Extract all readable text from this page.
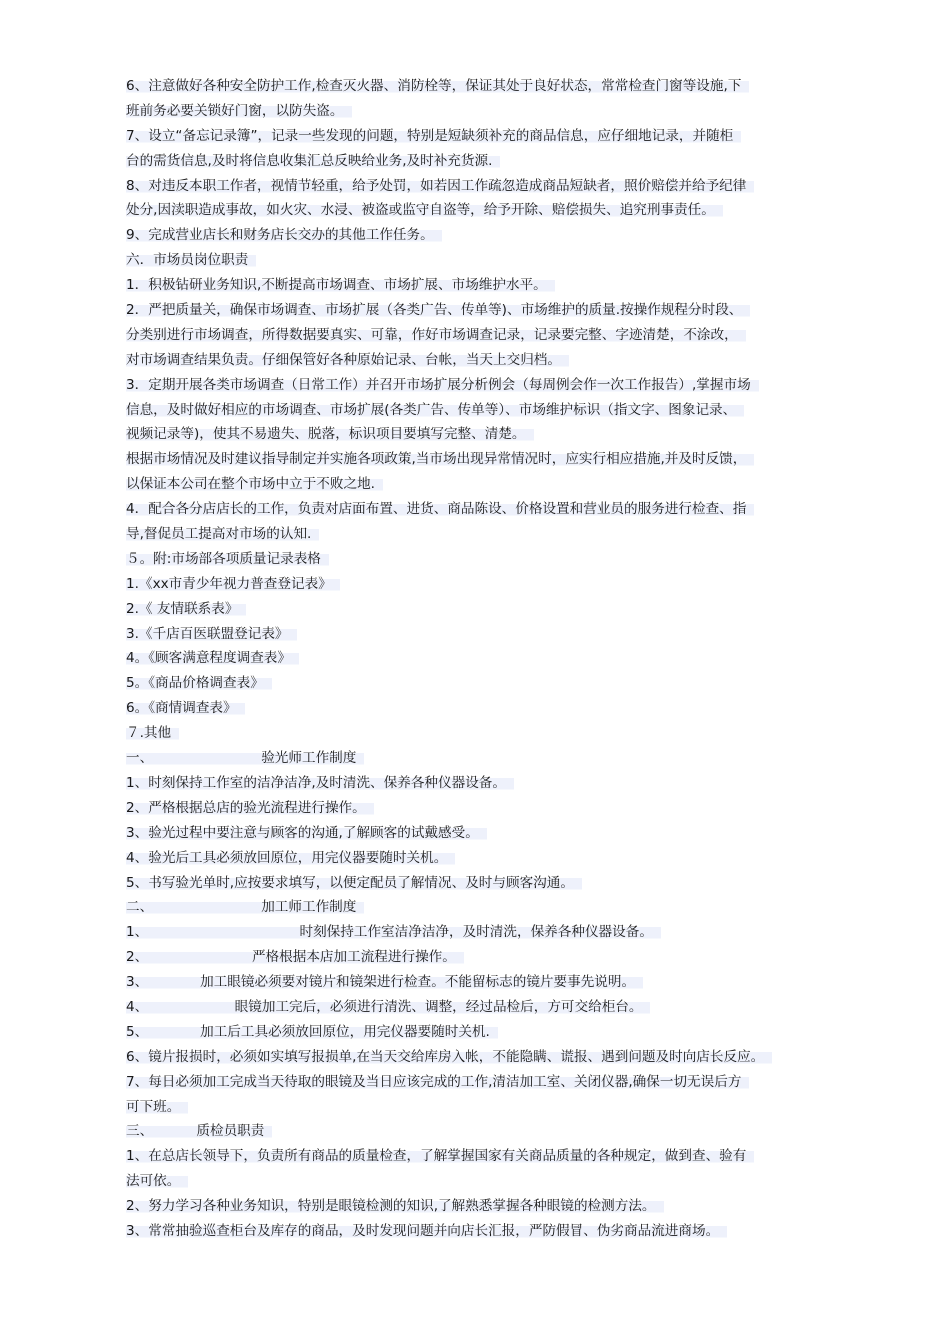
6、注意做好各种安全防护工作,检查灭火器、消防栓等，保证其处于良好状态，常常检查门窗等设施,下
班前务必要关锁好门窗，以防失盗。
7、设立“备忘记录簿”，记录一些发现的问题，特别是短缺须补充的商品信息，应仔细地记录，并随柜
台的需货信息,及时将信息收集汇总反映给业务,及时补充货源.
8、对违反本职工作者，视情节轻重，给予处罚，如若因工作疏忽造成商品短缺者，照价赔偿并给予纪律
处分,因渎职造成事故，如火灾、水浸、被盗或监守自盗等，给予开除、赔偿损失、追究刑事责任。
9、完成营业店长和财务店长交办的其他工作任务。
六．市场员岗位职责
1．积极钻研业务知识,不断提高市场调查、市场扩展、市场维护水平。
2．严把质量关，确保市场调查、市场扩展（各类广告、传单等)、市场维护的质量.按操作规程分时段、
分类别进行市场调查，所得数据要真实、可靠，作好市场调查记录，记录要完整、字迹清楚，不涂改，
对市场调查结果负责。仔细保管好各种原始记录、台帐，当天上交归档。
3．定期开展各类市场调查（日常工作）并召开市场扩展分析例会（每周例会作一次工作报告）,掌握市场
信息，及时做好相应的市场调查、市场扩展(各类广告、传单等）、市场维护标识（指文字、图象记录、
视频记录等)，使其不易遗失、脱落，标识项目要填写完整、清楚。
根据市场情况及时建议指导制定并实施各项政策,当市场出现异常情况时，应实行相应措施,并及时反馈，
以保证本公司在整个市场中立于不败之地.
4．配合各分店店长的工作，负责对店面布置、进货、商品陈设、价格设置和营业员的服务进行检查、指
导,督促员工提高对市场的认知.
５。附:市场部各项质量记录表格
1.《xx市青少年视力普查登记表》
2.《 友情联系表》
3.《千店百医联盟登记表》
4。《顾客满意程度调查表》
5。《商品价格调查表》
6。《商情调查表》
７.其他
一、                         验光师工作制度
1、时刻保持工作室的洁净洁净,及时清洗、保养各种仪器设备。
2、严格根据总店的验光流程进行操作。
3、验光过程中要注意与顾客的沟通,了解顾客的试戴感受。
4、验光后工具必须放回原位，用完仪器要随时关机。
5、书写验光单时,应按要求填写，以便定配员了解情况、及时与顾客沟通。
二、                         加工师工作制度
1、                                   时刻保持工作室洁净洁净，及时清洗，保养各种仪器设备。
2、                        严格根据本店加工流程进行操作。
3、            加工眼镜必须要对镜片和镜架进行检查。不能留标志的镜片要事先说明。
4、                    眼镜加工完后，必须进行清洗、调整，经过品检后，方可交给柜台。
5、            加工后工具必须放回原位，用完仪器要随时关机.
6、镜片报损时，必须如实填写报损单,在当天交给库房入帐，不能隐瞒、谎报、遇到问题及时向店长反应。
7、每日必须加工完成当天待取的眼镜及当日应该完成的工作,清洁加工室、关闭仪器,确保一切无误后方
可下班。
三、          质检员职责
1、在总店长领导下，负责所有商品的质量检查，了解掌握国家有关商品质量的各种规定，做到查、验有
法可依。
2、努力学习各种业务知识，特别是眼镜检测的知识,了解熟悉掌握各种眼镜的检测方法。
3、常常抽验巡查柜台及库存的商品，及时发现问题并向店长汇报，严防假冒、伪劣商品流进商场。
